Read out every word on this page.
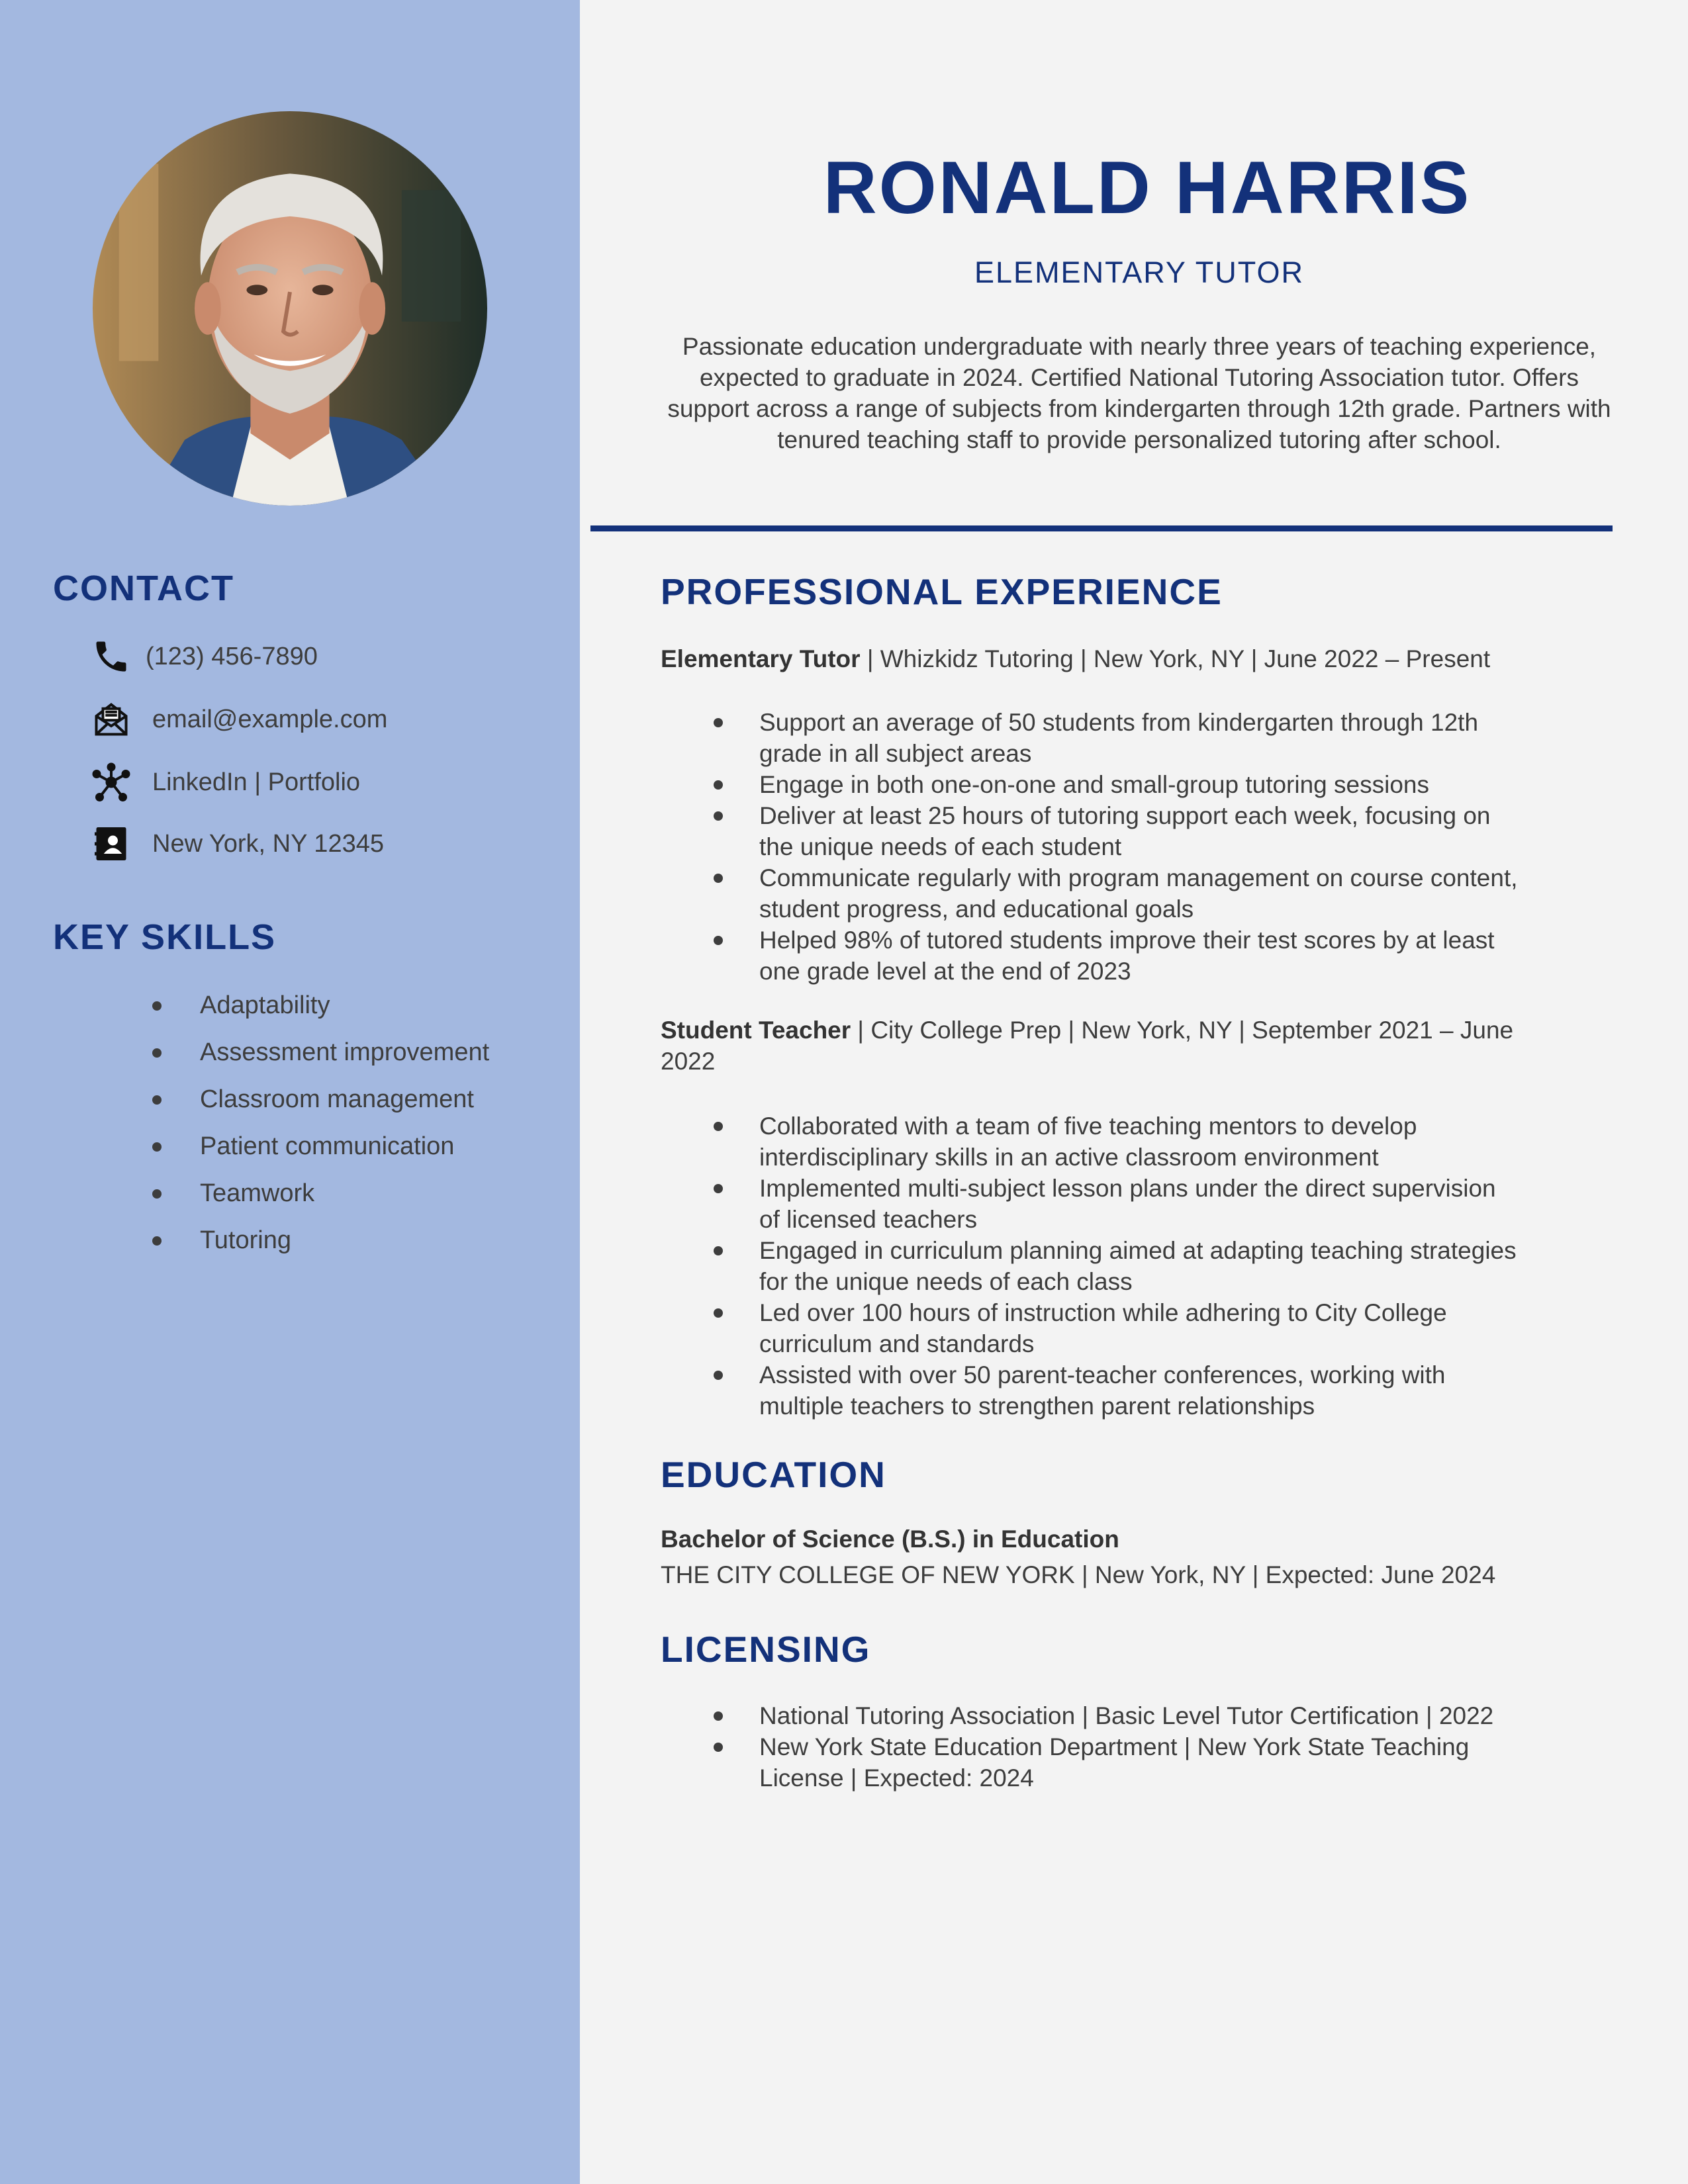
CONTACT
(123) 456-7890
email@example.com
LinkedIn | Portfolio
New York, NY 12345
KEY SKILLS
Adaptability
Assessment improvement
Classroom management
Patient communication
Teamwork
Tutoring
RONALD HARRIS
ELEMENTARY TUTOR

Passionate education undergraduate with nearly three years of teaching experience, expected to graduate in 2024. Certified National Tutoring Association tutor. Offers support across a range of subjects from kindergarten through 12th grade. Partners with tenured teaching staff to provide personalized tutoring after school.

PROFESSIONAL EXPERIENCE

Elementary Tutor | Whizkidz Tutoring | New York, NY | June 2022 – Present

Support an average of 50 students from kindergarten through 12th grade in all subject areas
Engage in both one-on-one and small-group tutoring sessions
Deliver at least 25 hours of tutoring support each week, focusing on the unique needs of each student
Communicate regularly with program management on course content, student progress, and educational goals
Helped 98% of tutored students improve their test scores by at least one grade level at the end of 2023

Student Teacher | City College Prep | New York, NY | September 2021 – June 2022

Collaborated with a team of five teaching mentors to develop interdisciplinary skills in an active classroom environment
Implemented multi-subject lesson plans under the direct supervision of licensed teachers
Engaged in curriculum planning aimed at adapting teaching strategies for the unique needs of each class
Led over 100 hours of instruction while adhering to City College curriculum and standards
Assisted with over 50 parent-teacher conferences, working with multiple teachers to strengthen parent relationships
EDUCATION

Bachelor of Science (B.S.) in Education

THE CITY COLLEGE OF NEW YORK | New York, NY | Expected: June 2024

LICENSING
National Tutoring Association | Basic Level Tutor Certification | 2022
New York State Education Department | New York State Teaching License | Expected: 2024
